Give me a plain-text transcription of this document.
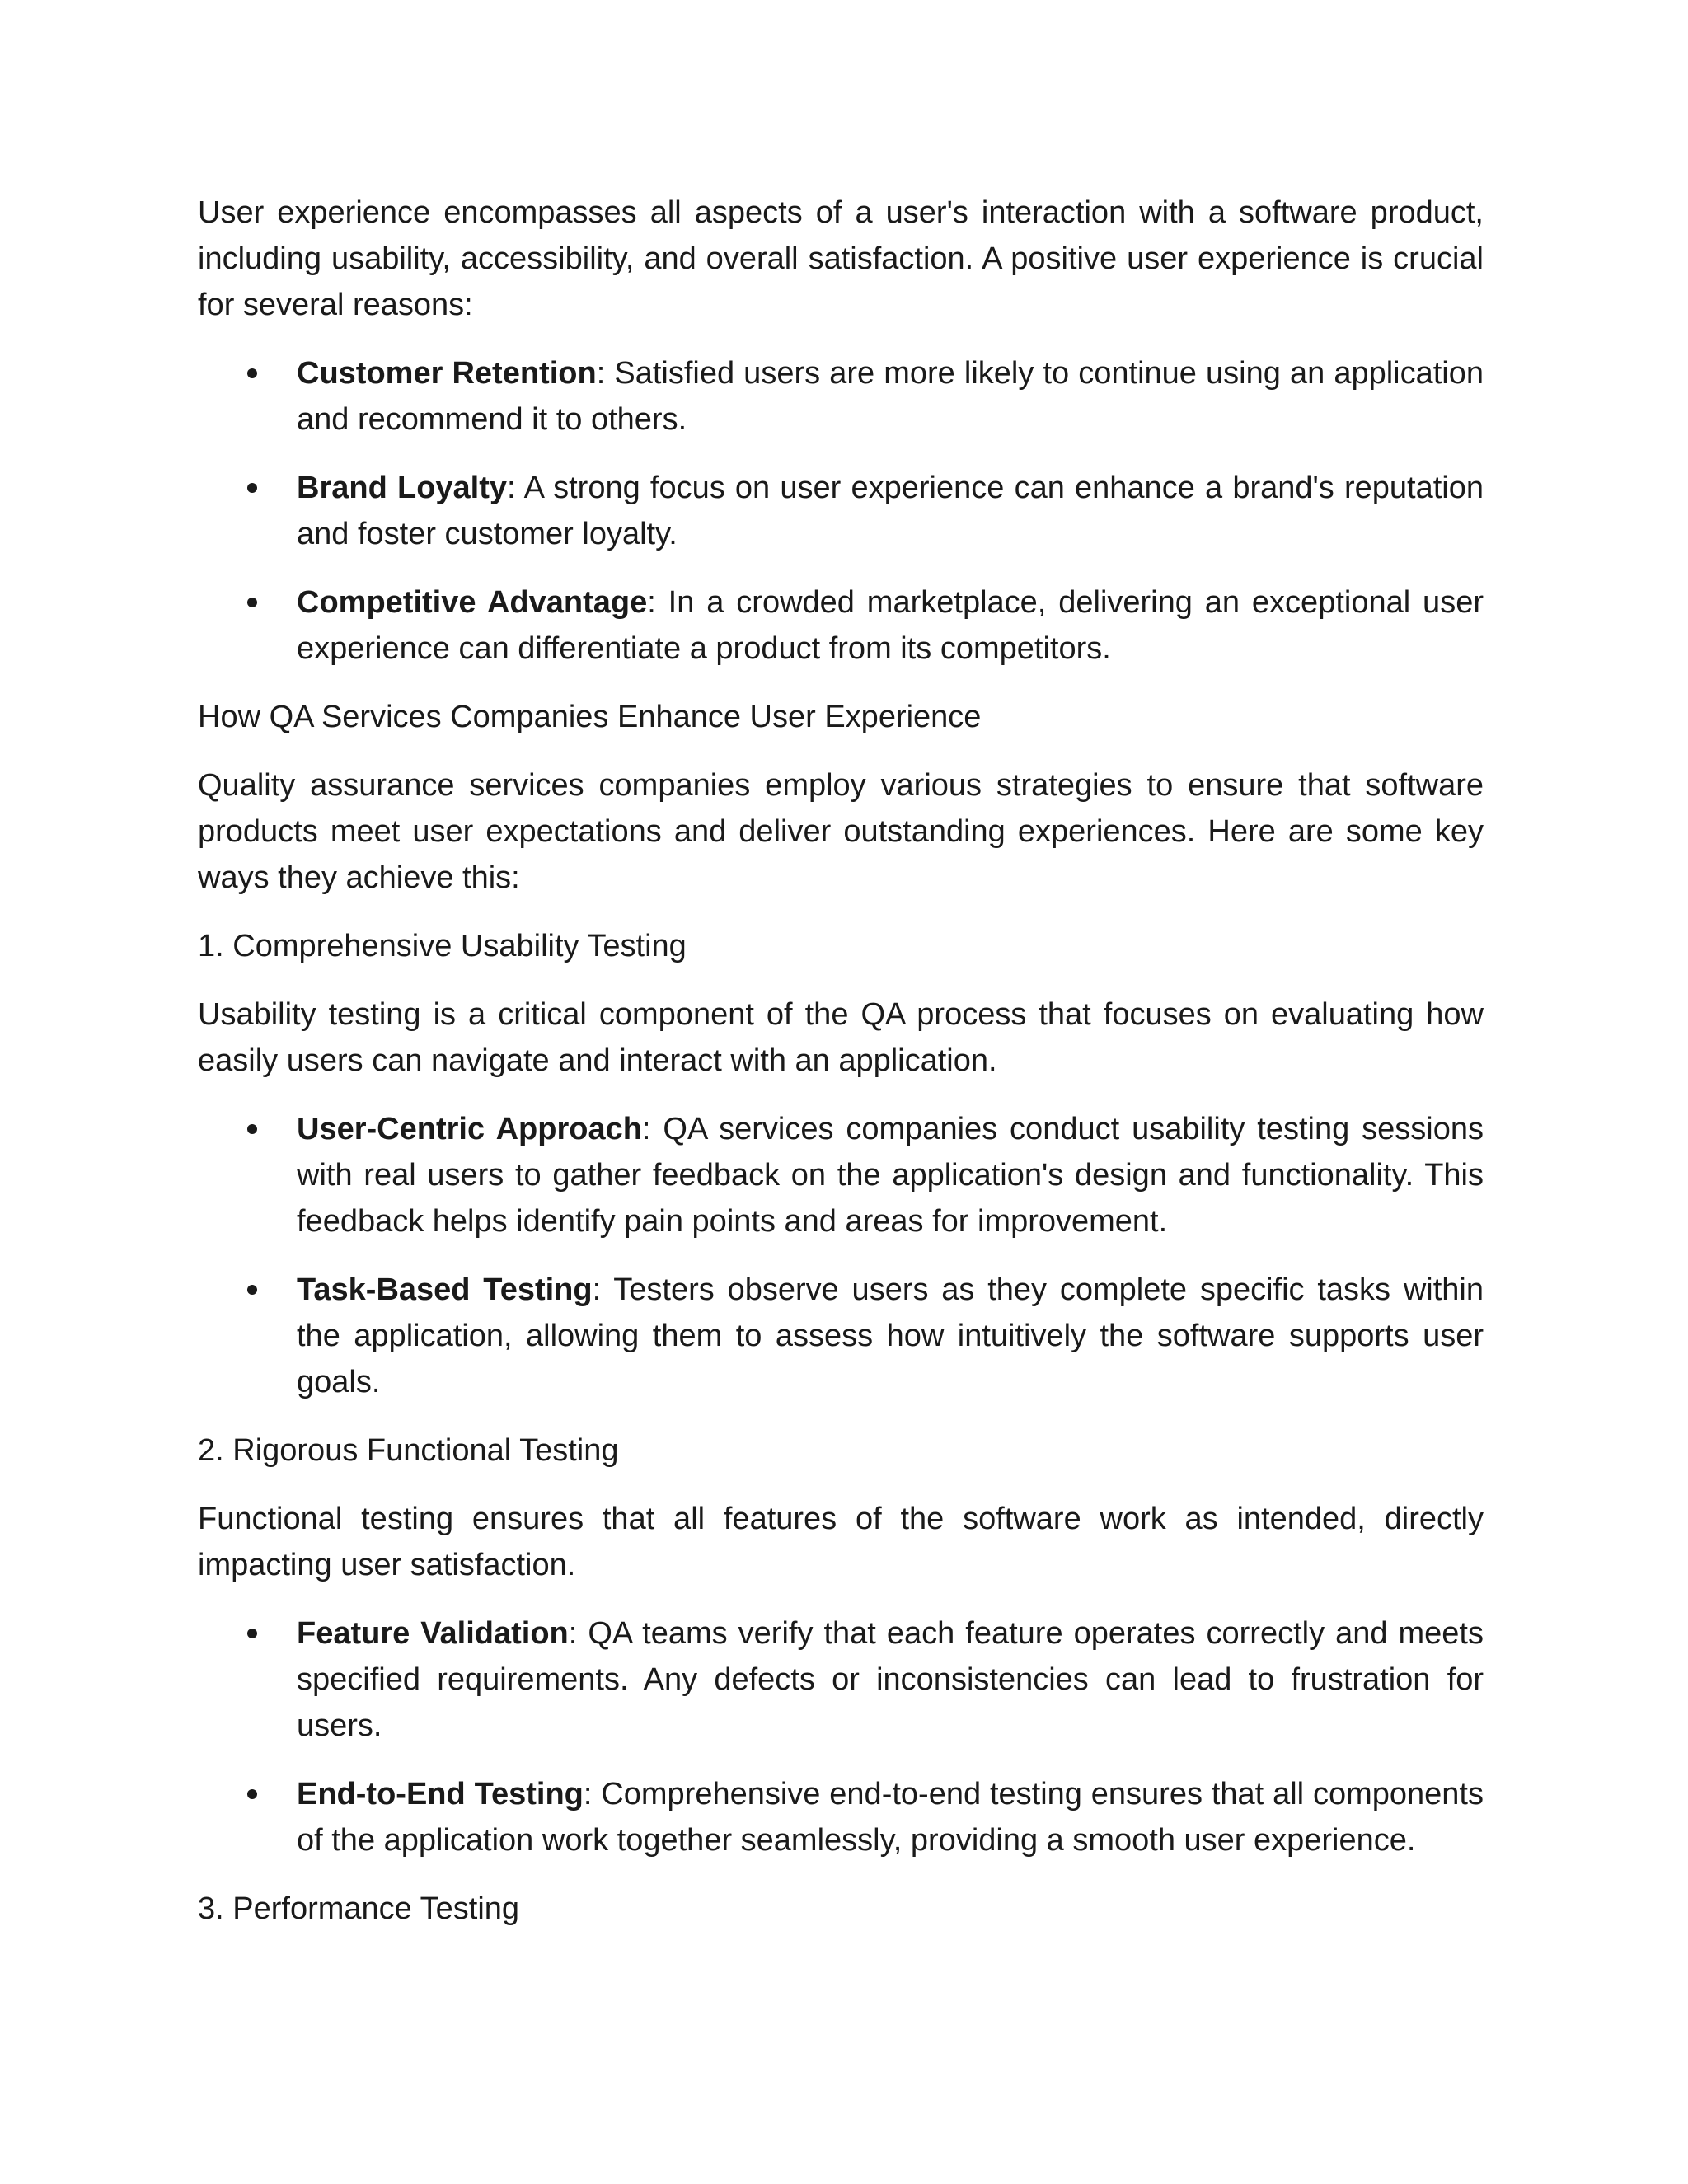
User experience encompasses all aspects of a user's interaction with a software product, including usability, accessibility, and overall satisfaction. A positive user experience is crucial for several reasons:

Customer Retention: Satisfied users are more likely to continue using an application and recommend it to others.
Brand Loyalty: A strong focus on user experience can enhance a brand's reputation and foster customer loyalty.
Competitive Advantage: In a crowded marketplace, delivering an exceptional user experience can differentiate a product from its competitors.

How QA Services Companies Enhance User Experience

Quality assurance services companies employ various strategies to ensure that software products meet user expectations and deliver outstanding experiences. Here are some key ways they achieve this:

1. Comprehensive Usability Testing

Usability testing is a critical component of the QA process that focuses on evaluating how easily users can navigate and interact with an application.

User-Centric Approach: QA services companies conduct usability testing sessions with real users to gather feedback on the application's design and functionality. This feedback helps identify pain points and areas for improvement.
Task-Based Testing: Testers observe users as they complete specific tasks within the application, allowing them to assess how intuitively the software supports user goals.

2. Rigorous Functional Testing

Functional testing ensures that all features of the software work as intended, directly impacting user satisfaction.

Feature Validation: QA teams verify that each feature operates correctly and meets specified requirements. Any defects or inconsistencies can lead to frustration for users.
End-to-End Testing: Comprehensive end-to-end testing ensures that all components of the application work together seamlessly, providing a smooth user experience.

3. Performance Testing
